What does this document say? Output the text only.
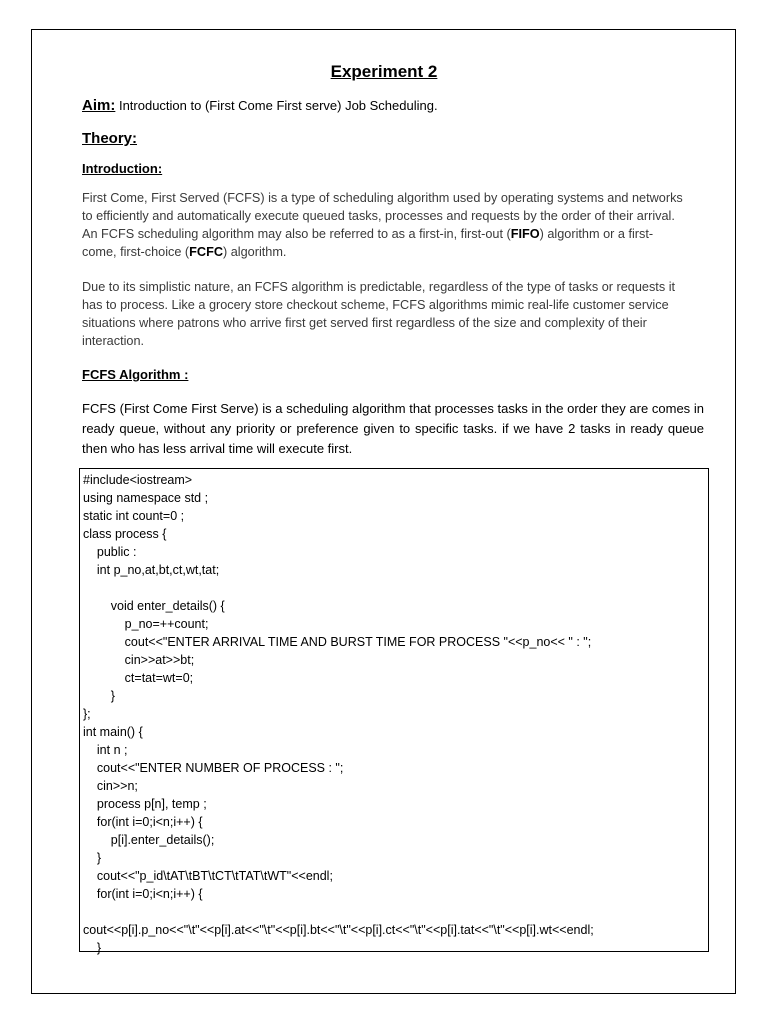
Experiment 2
Aim: Introduction to (First Come First serve) Job Scheduling.
Theory:
Introduction:
First Come, First Served (FCFS) is a type of scheduling algorithm used by operating systems and networks to efficiently and automatically execute queued tasks, processes and requests by the order of their arrival. An FCFS scheduling algorithm may also be referred to as a first-in, first-out (FIFO) algorithm or a first-come, first-choice (FCFC) algorithm.
Due to its simplistic nature, an FCFS algorithm is predictable, regardless of the type of tasks or requests it has to process. Like a grocery store checkout scheme, FCFS algorithms mimic real-life customer service situations where patrons who arrive first get served first regardless of the size and complexity of their interaction.
FCFS Algorithm :
FCFS (First Come First Serve) is a scheduling algorithm that processes tasks in the order they are comes in ready queue, without any priority or preference given to specific tasks. if we have 2 tasks in ready queue then who has less arrival time will execute first.
#include<iostream>
using namespace std ;
static int count=0 ;
class process {
public :
int p_no,at,bt,ct,wt,tat;

void enter_details() {
p_no=++count;
cout<<"ENTER ARRIVAL TIME AND BURST TIME FOR PROCESS "<<p_no<< " : ";
cin>>at>>bt;
ct=tat=wt=0;
}
};
int main() {
int n ;
cout<<"ENTER NUMBER OF PROCESS : ";
cin>>n;
process p[n], temp ;
for(int i=0;i<n;i++) {
p[i].enter_details();
}
cout<<"p_id\tAT\tBT\tCT\tTAT\tWT"<<endl;
for(int i=0;i<n;i++) {

cout<<p[i].p_no<<"\t"<<p[i].at<<"\t"<<p[i].bt<<"\t"<<p[i].ct<<"\t"<<p[i].tat<<"\t"<<p[i].wt<<endl;
}
